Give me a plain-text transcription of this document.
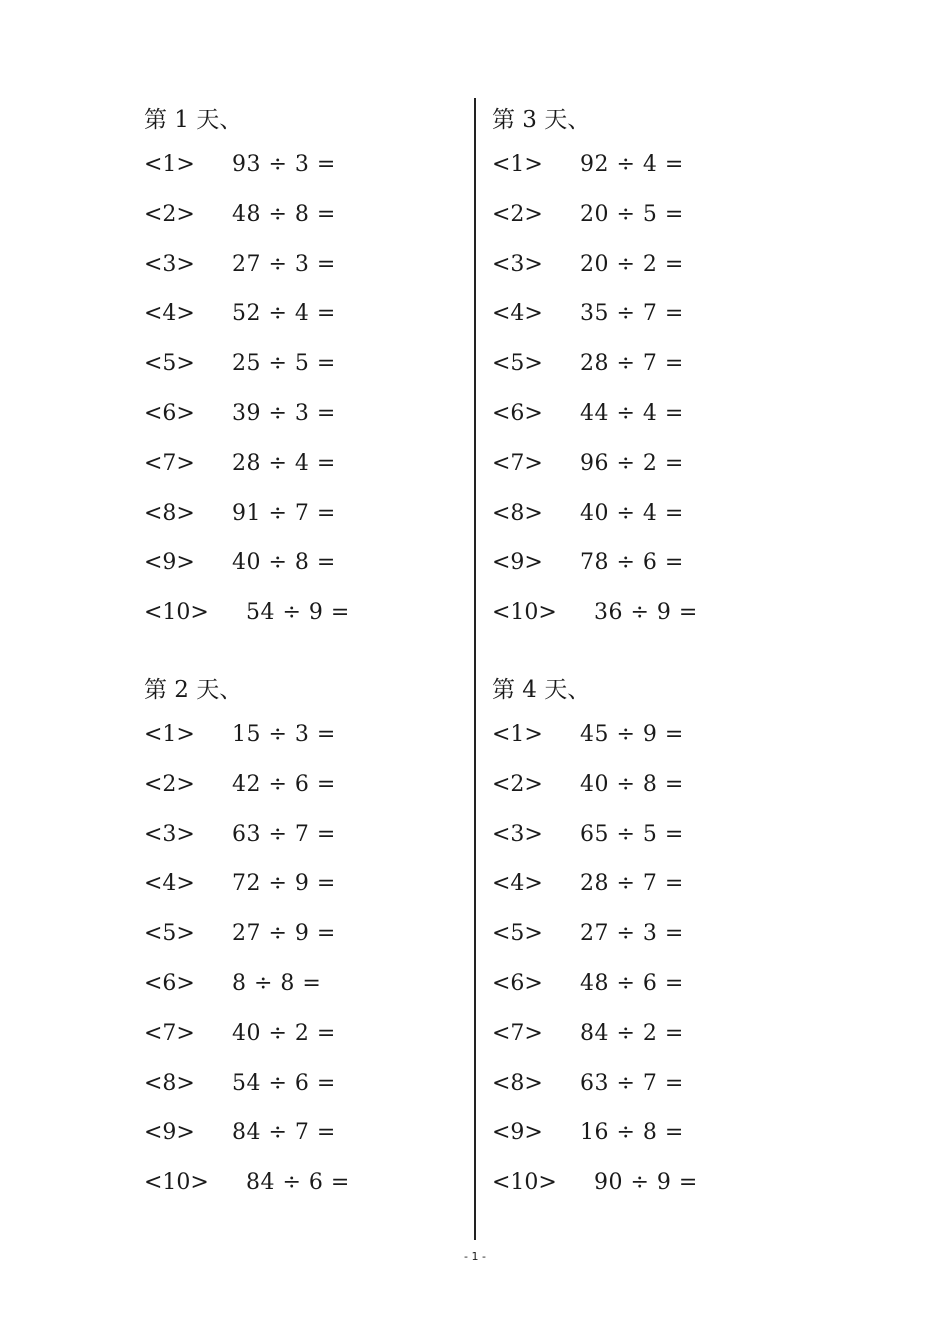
第 1 天、
<1> 93 ÷ 3 =
<2> 48 ÷ 8 =
<3> 27 ÷ 3 =
<4> 52 ÷ 4 =
<5> 25 ÷ 5 =
<6> 39 ÷ 3 =
<7> 28 ÷ 4 =
<8> 91 ÷ 7 =
<9> 40 ÷ 8 =
<10> 54 ÷ 9 =
第 2 天、
<1> 15 ÷ 3 =
<2> 42 ÷ 6 =
<3> 63 ÷ 7 =
<4> 72 ÷ 9 =
<5> 27 ÷ 9 =
<6> 8 ÷ 8 =
<7> 40 ÷ 2 =
<8> 54 ÷ 6 =
<9> 84 ÷ 7 =
<10> 84 ÷ 6 =
第 3 天、
<1> 92 ÷ 4 =
<2> 20 ÷ 5 =
<3> 20 ÷ 2 =
<4> 35 ÷ 7 =
<5> 28 ÷ 7 =
<6> 44 ÷ 4 =
<7> 96 ÷ 2 =
<8> 40 ÷ 4 =
<9> 78 ÷ 6 =
<10> 36 ÷ 9 =
第 4 天、
<1> 45 ÷ 9 =
<2> 40 ÷ 8 =
<3> 65 ÷ 5 =
<4> 28 ÷ 7 =
<5> 27 ÷ 3 =
<6> 48 ÷ 6 =
<7> 84 ÷ 2 =
<8> 63 ÷ 7 =
<9> 16 ÷ 8 =
<10> 90 ÷ 9 =
- 1 -
